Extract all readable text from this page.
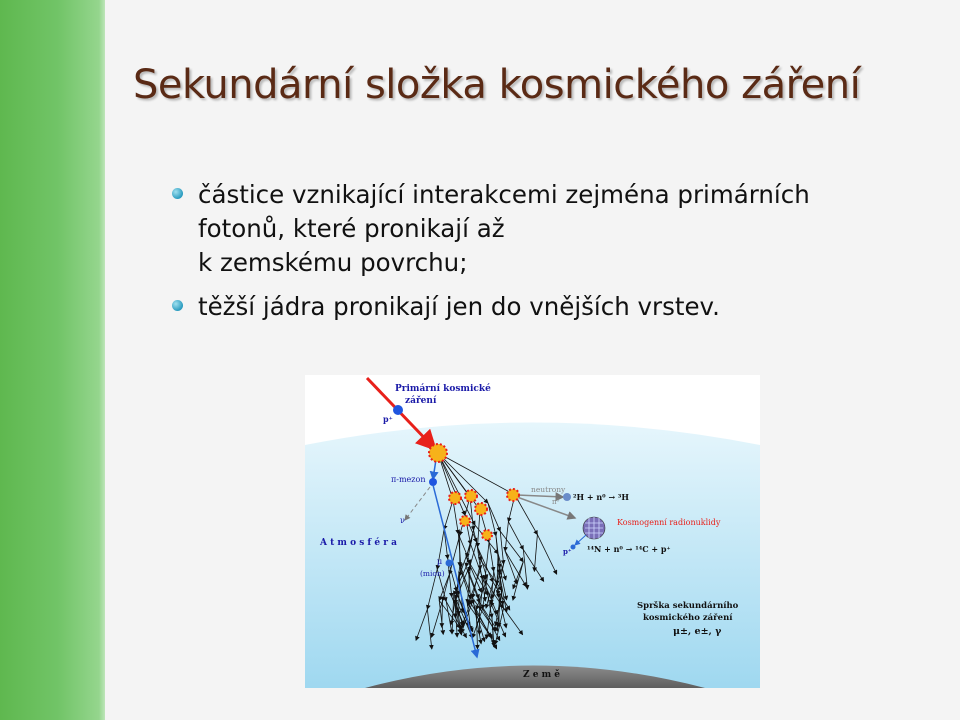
Sekundární složka kosmického záření
částice vznikající interakcemi zejména primárních
fotonů, které pronikají až
k zemskému povrchu;
těžší jádra pronikají jen do vnějších vrstev.
Primární kosmické
záření
p⁺
π-mezon
ν
A t m o s f é r a
μ
(mion)
neutrony
n⁰ ²H + n⁰ → ³H
Kosmogenní radionuklidy
p⁺ ¹⁴N + n⁰ → ¹⁴C + p⁺
Sprška sekundárního
kosmického záření
μ±, e±, γ
Z e m ě
